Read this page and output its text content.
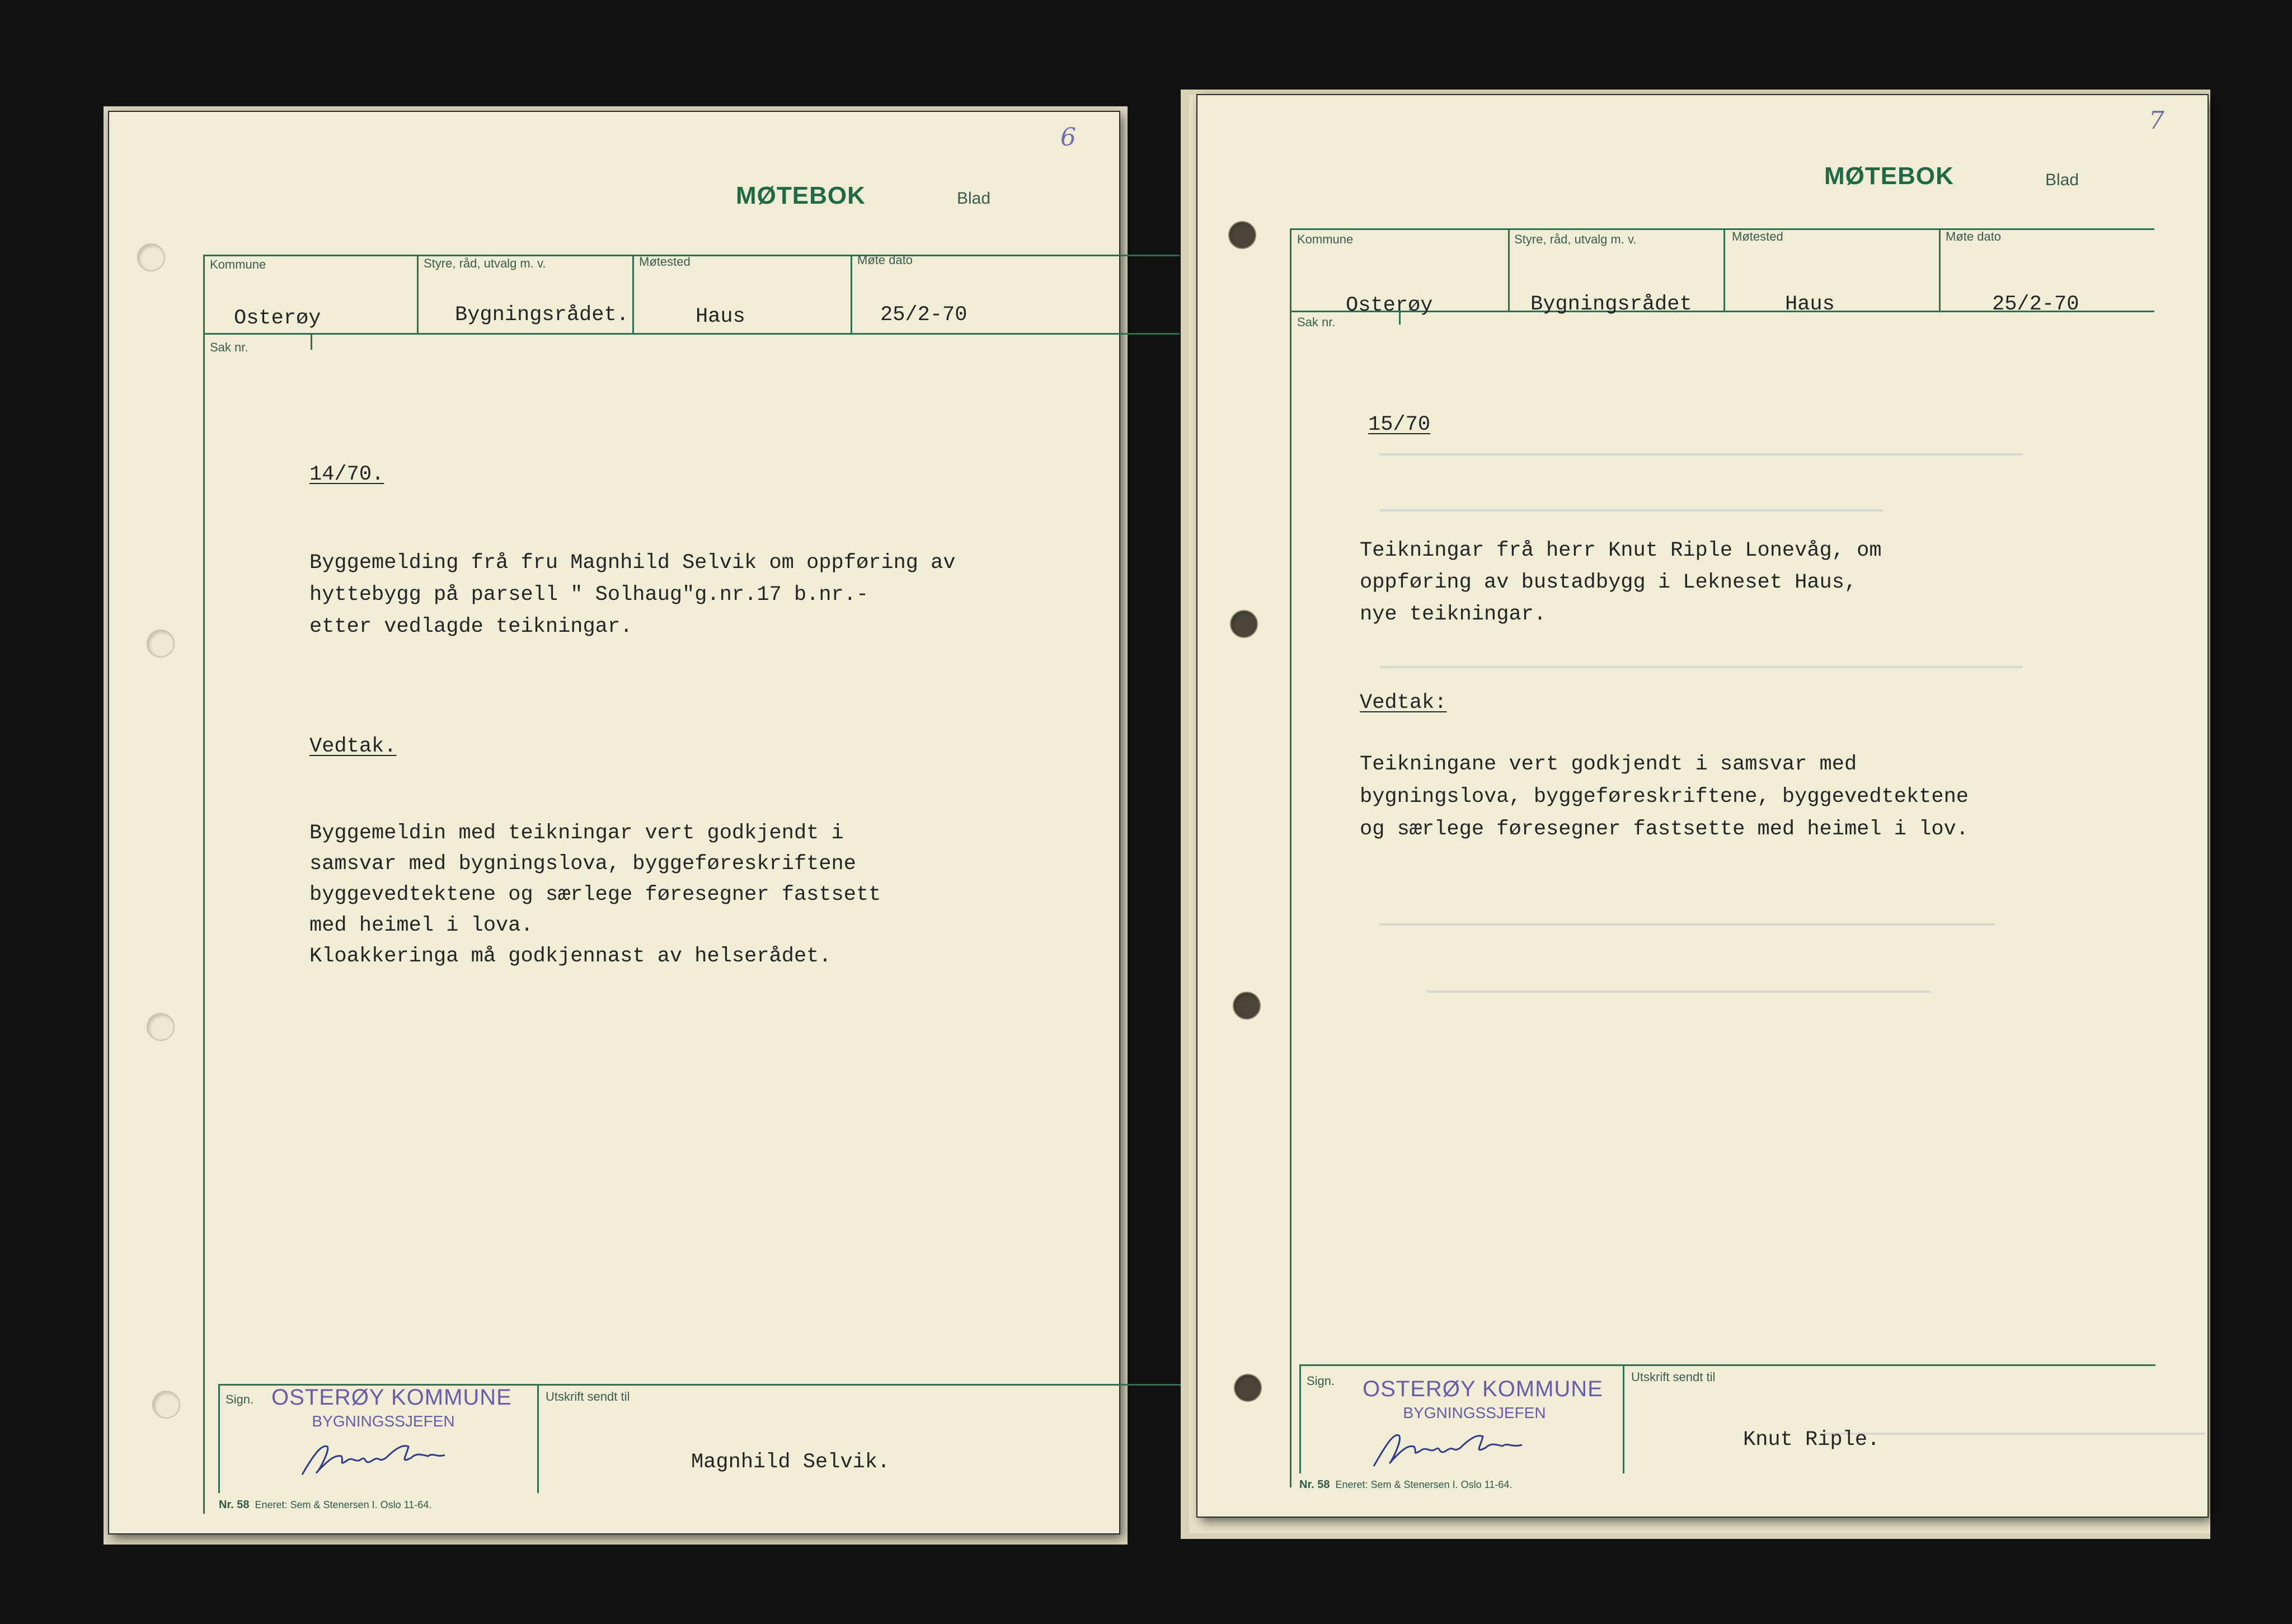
6
MØTEBOK	Blad
Kommune	Styre, råd, utvalg m. v.	Møtested	Møte dato
Sak nr.
Osterøy	Bygningsrådet.	Haus	25/2-70
14/70.
Byggemelding frå fru Magnhild Selvik om oppføring av
hyttebygg på parsell " Solhaug"g.nr.17 b.nr.-
etter vedlagde teikningar.
Vedtak.
Byggemeldin med teikningar vert godkjendt i
samsvar med bygningslova, byggeføreskriftene
byggevedtektene og særlege føresegner fastsett
med heimel i lova.
Kloakkeringa må godkjennast av helserådet.
Sign.	Utskrift sendt til
OSTERØY KOMMUNE
BYGNINGSSJEFEN
Magnhild Selvik.
Nr. 58 Eneret: Sem & Stenersen I. Oslo 11-64.
7
MØTEBOK	Blad
Kommune	Styre, råd, utvalg m. v.	Møtested	Møte dato
Sak nr.
Osterøy	Bygningsrådet	Haus	25/2-70
15/70
Teikningar frå herr Knut Riple Lonevåg, om
oppføring av bustadbygg i Lekneset Haus,
nye teikningar.
Vedtak:
Teikningane vert godkjendt i samsvar med
bygningslova, byggeføreskriftene, byggevedtektene
og særlege føresegner fastsette med heimel i lov.
Sign.	Utskrift sendt til
OSTERØY KOMMUNE
BYGNINGSSJEFEN
Knut Riple.
Nr. 58 Eneret: Sem & Stenersen I. Oslo 11-64.
